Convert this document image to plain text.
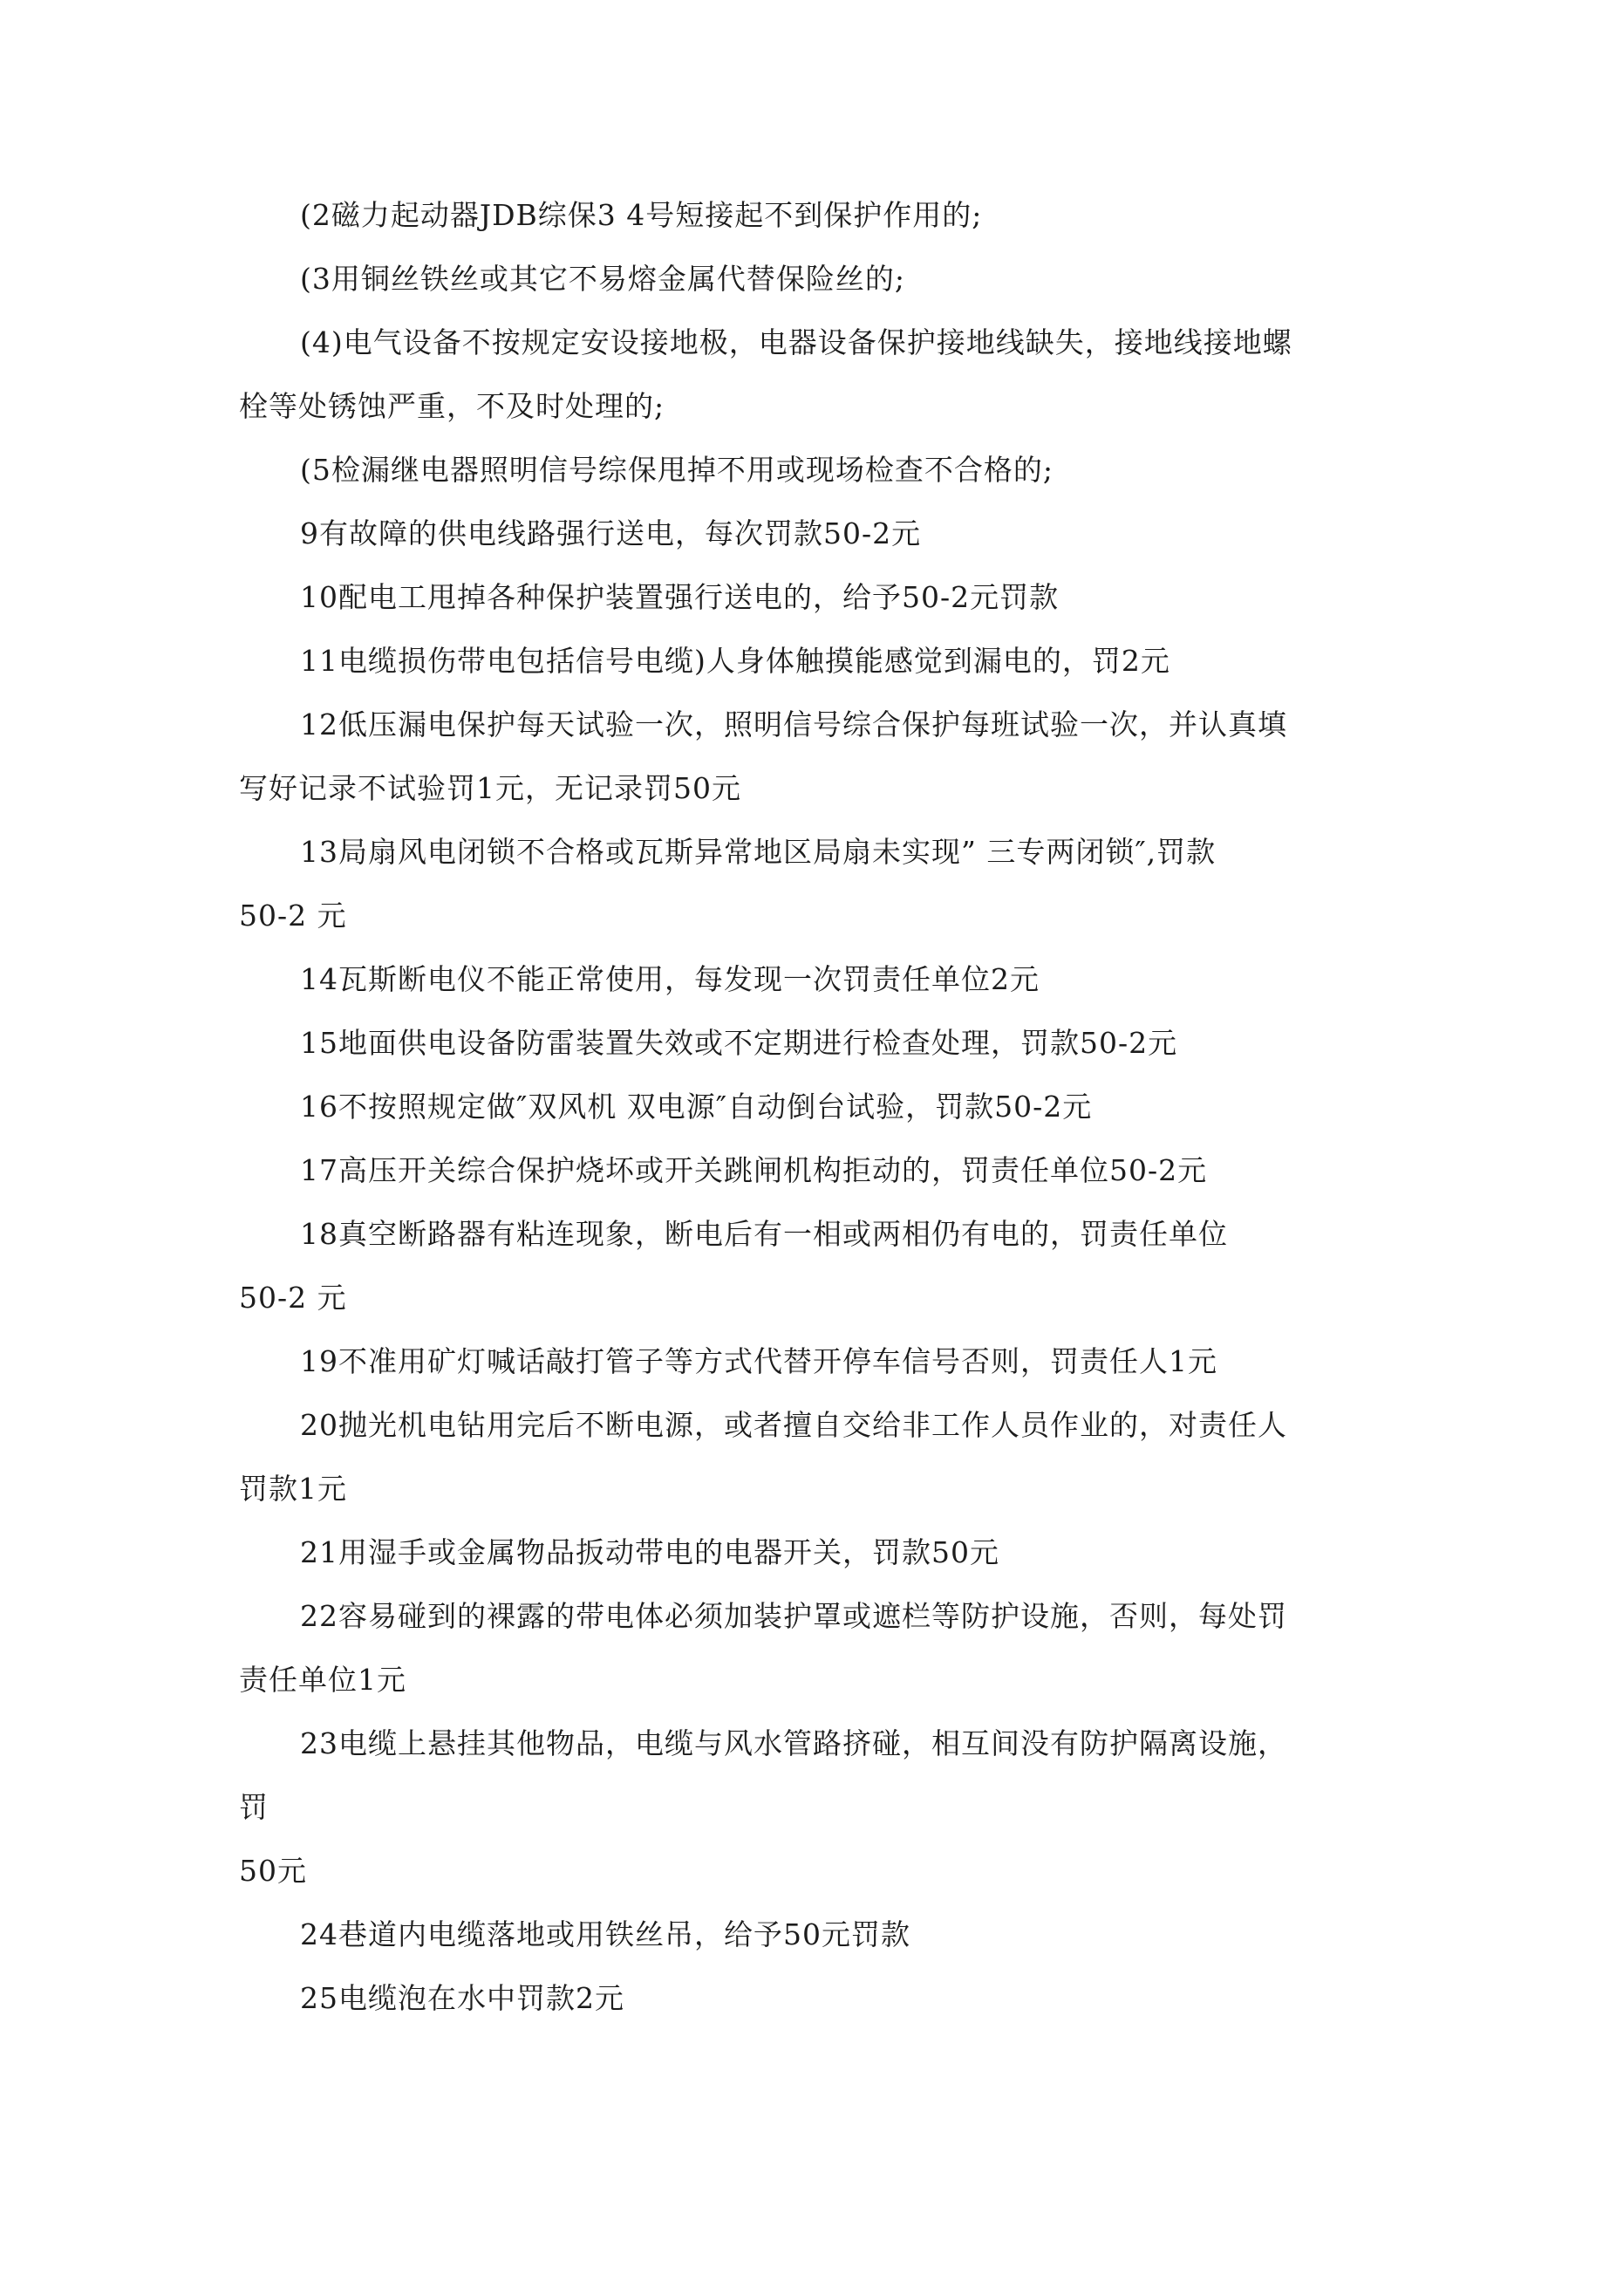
(2磁力起动器JDB综保3 4号短接起不到保护作用的;
(3用铜丝铁丝或其它不易熔金属代替保险丝的;
(4)电气设备不按规定安设接地极，电器设备保护接地线缺失，接地线接地螺
栓等处锈蚀严重，不及时处理的;
(5检漏继电器照明信号综保甩掉不用或现场检查不合格的;
9有故障的供电线路强行送电，每次罚款50-2元
10配电工甩掉各种保护装置强行送电的，给予50-2元罚款
11电缆损伤带电包括信号电缆)人身体触摸能感觉到漏电的，罚2元
12低压漏电保护每天试验一次，照明信号综合保护每班试验一次，并认真填
写好记录不试验罚1元，无记录罚50元
13局扇风电闭锁不合格或瓦斯异常地区局扇未实现” 三专两闭锁″,罚款
50-2 元
14瓦斯断电仪不能正常使用，每发现一次罚责任单位2元
15地面供电设备防雷装置失效或不定期进行检查处理，罚款50-2元
16不按照规定做″双风机 双电源″自动倒台试验，罚款50-2元
17高压开关综合保护烧坏或开关跳闸机构拒动的，罚责任单位50-2元
18真空断路器有粘连现象，断电后有一相或两相仍有电的，罚责任单位
50-2 元
19不准用矿灯喊话敲打管子等方式代替开停车信号否则，罚责任人1元
20抛光机电钻用完后不断电源，或者擅自交给非工作人员作业的，对责任人
罚款1元
21用湿手或金属物品扳动带电的电器开关，罚款50元
22容易碰到的裸露的带电体必须加装护罩或遮栏等防护设施，否则，每处罚
责任单位1元
23电缆上悬挂其他物品，电缆与风水管路挤碰，相互间没有防护隔离设施，
罚
50元
24巷道内电缆落地或用铁丝吊，给予50元罚款
25电缆泡在水中罚款2元
